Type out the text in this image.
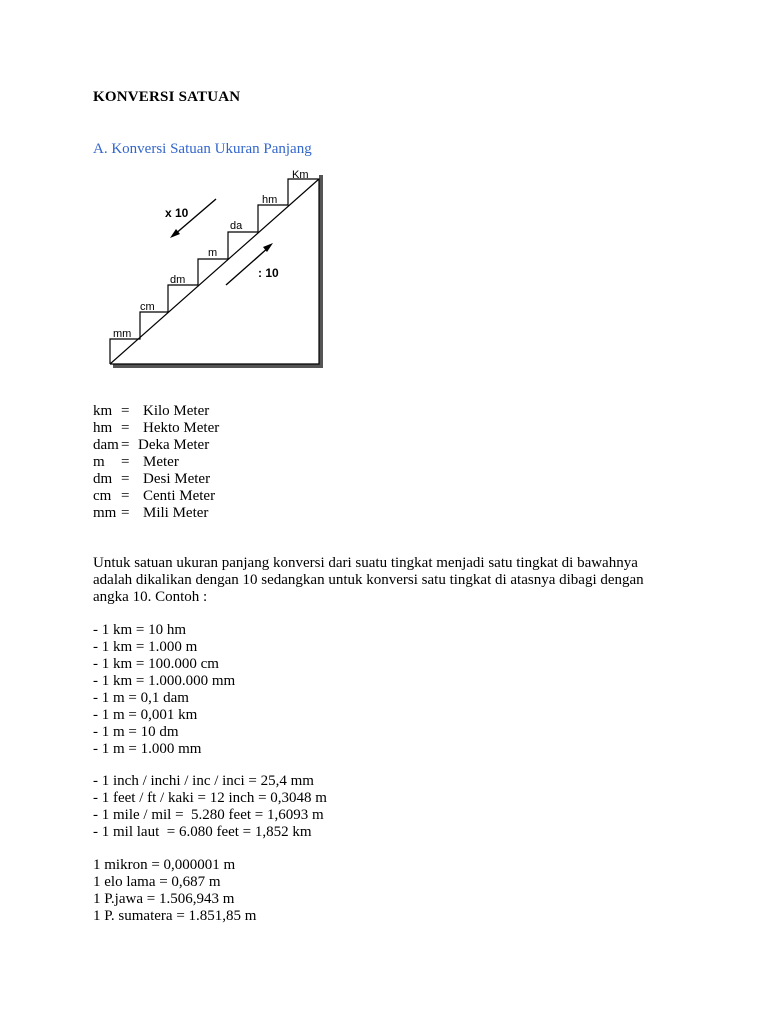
KONVERSI SATUAN
A. Konversi Satuan Ukuran Panjang
mm
cm
dm
m
da
hm
Km
x 10
: 10
km = Kilo Meter
hm = Hekto Meter
dam = Deka Meter
m = Meter
dm = Desi Meter
cm = Centi Meter
mm = Mili Meter
Untuk satuan ukuran panjang konversi dari suatu tingkat menjadi satu tingkat di bawahnya
adalah dikalikan dengan 10 sedangkan untuk konversi satu tingkat di atasnya dibagi dengan
angka 10. Contoh :
- 1 km = 10 hm
- 1 km = 1.000 m
- 1 km = 100.000 cm
- 1 km = 1.000.000 mm
- 1 m = 0,1 dam
- 1 m = 0,001 km
- 1 m = 10 dm
- 1 m = 1.000 mm
- 1 inch / inchi / inc / inci = 25,4 mm
- 1 feet / ft / kaki = 12 inch = 0,3048 m
- 1 mile / mil =  5.280 feet = 1,6093 m
- 1 mil laut  = 6.080 feet = 1,852 km
1 mikron = 0,000001 m
1 elo lama = 0,687 m
1 P.jawa = 1.506,943 m
1 P. sumatera = 1.851,85 m
